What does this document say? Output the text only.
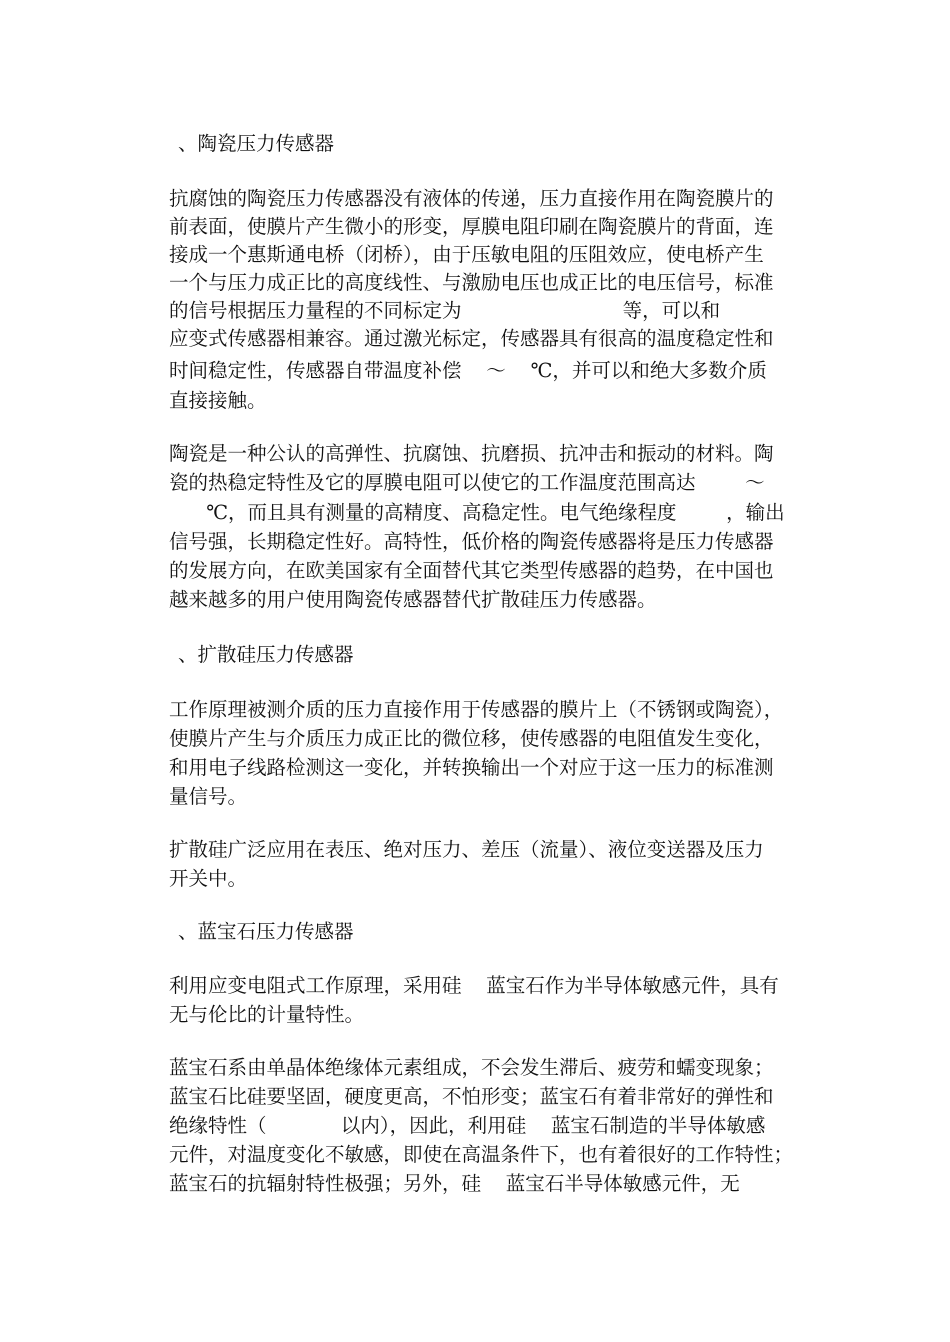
、陶瓷压力传感器
抗腐蚀的陶瓷压力传感器没有液体的传递，压力直接作用在陶瓷膜片的
前表面，使膜片产生微小的形变，厚膜电阻印刷在陶瓷膜片的背面，连
接成一个惠斯通电桥（闭桥），由于压敏电阻的压阻效应，使电桥产生
一个与压力成正比的高度线性、与激励电压也成正比的电压信号，标准
的信号根据压力量程的不同标定为                          等，可以和
应变式传感器相兼容。通过激光标定，传感器具有很高的温度稳定性和
时间稳定性，传感器自带温度补偿    ～    ℃，并可以和绝大多数介质
直接接触。
陶瓷是一种公认的高弹性、抗腐蚀、抗磨损、抗冲击和振动的材料。陶
瓷的热稳定特性及它的厚膜电阻可以使它的工作温度范围高达        ～
℃，而且具有测量的高精度、高稳定性。电气绝缘程度        ，输出
信号强，长期稳定性好。高特性，低价格的陶瓷传感器将是压力传感器
的发展方向，在欧美国家有全面替代其它类型传感器的趋势，在中国也
越来越多的用户使用陶瓷传感器替代扩散硅压力传感器。
、扩散硅压力传感器
工作原理被测介质的压力直接作用于传感器的膜片上（不锈钢或陶瓷），
使膜片产生与介质压力成正比的微位移，使传感器的电阻值发生变化，
和用电子线路检测这一变化，并转换输出一个对应于这一压力的标准测
量信号。
扩散硅广泛应用在表压、绝对压力、差压（流量）、液位变送器及压力
开关中。
、蓝宝石压力传感器
利用应变电阻式工作原理，采用硅    蓝宝石作为半导体敏感元件，具有
无与伦比的计量特性。
蓝宝石系由单晶体绝缘体元素组成，不会发生滞后、疲劳和蠕变现象；
蓝宝石比硅要坚固，硬度更高，不怕形变；蓝宝石有着非常好的弹性和
绝缘特性（            以内），因此，利用硅    蓝宝石制造的半导体敏感
元件，对温度变化不敏感，即使在高温条件下，也有着很好的工作特性；
蓝宝石的抗辐射特性极强；另外，硅    蓝宝石半导体敏感元件，无
